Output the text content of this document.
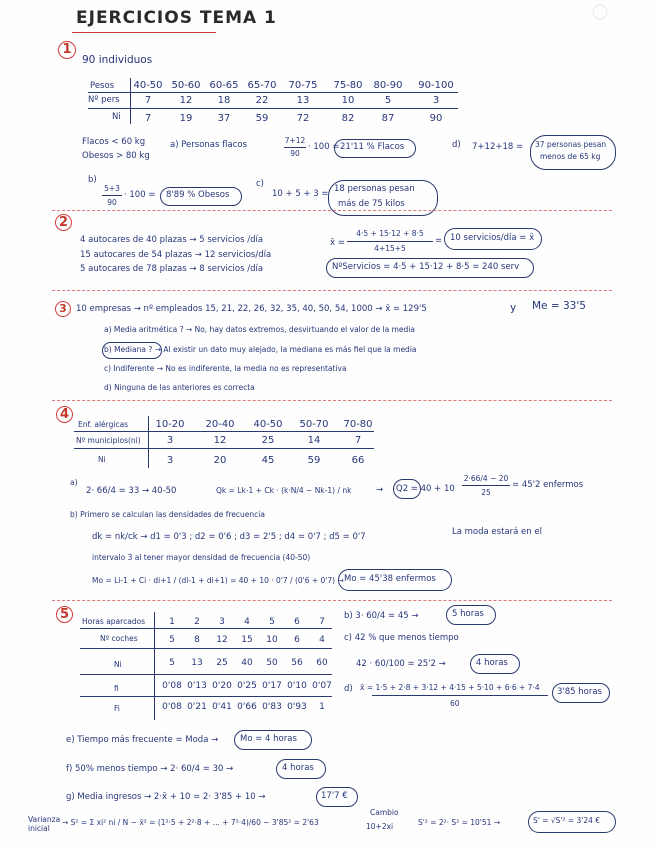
EJERCICIOS TEMA 1
1
90 individuos
Pesos
Nº pers
Ni
40-50 50-60 60-65 65-70	70-75	75-80	80-90	90-100
7	12	18	22	13	10	5	3
7	19	37	59	72	82	87	90
Flacos < 60 kg
Obesos > 80 kg
a) Personas flacos	7+12
90
· 100 = 21'11 % Flacos	d) 7+12+18 = 37 personas pesan
menos de 65 kg
b)
5+3
90
· 100 = 8'89 % Obesos
c)
10 + 5 + 3 = 18 personas pesan
más de 75 kilos
2
4 autocares de 40 plazas → 5 servicios /día
15 autocares de 54 plazas → 12 servicios/día
5 autocares de 78 plazas → 8 servicios /día
x̄ =
4·5 + 15·12 + 8·5
4+15+5
= 10 servicios/día = x̄
NºServicios = 4·5 + 15·12 + 8·5 = 240 serv
3	10 empresas → nº empleados 15, 21, 22, 26, 32, 35, 40, 50, 54, 1000 → x̄ = 129'5	y Me = 33'5
a) Media aritmética ? → No, hay datos extremos, desvirtuando el valor de la media
b) Mediana ? → Al existir un dato muy alejado, la mediana es más fiel que la media
c) Indiferente → No es indiferente, la media no es representativa
d) Ninguna de las anteriores es correcta
4
Enf. alérgicas
Nº municipios(ni)
Ni
10-20	20-40	40-50	50-70	70-80
3	12	25	14	7
3	20	45	59	66
a)
2· 66/4 = 33 → 40-50	Qk = Lk-1 + Ck · (k·N/4 − Nk-1) / nk	→ Q2 = 40 + 10
2·66/4 − 20
25
= 45'2 enfermos
b) Primero se calculan las densidades de frecuencia
dk = nk/ck → d1 = 0'3 ; d2 = 0'6 ; d3 = 2'5 ; d4 = 0'7 ; d5 = 0'7	La moda estará en el
intervalo 3 al tener mayor densidad de frecuencia (40-50)
Mo = Li-1 + Ci · di+1 / (di-1 + di+1) = 40 + 10 · 0'7 / (0'6 + 0'7) → Mo = 45'38 enfermos
5	Horas aparcados
Nº coches
Ni
fi
Fi
1	2	3	4	5	6	7
5	8	12	15	10	6	4
5	13	25	40	50	56	60
0'08 0'13 0'20 0'25 0'17 0'10 0'07
0'08 0'21 0'41 0'66 0'83 0'93	1
b) 3· 60/4 = 45 →	5 horas
c) 42 % que menos tiempo
42 · 60/100 = 25'2 →	4 horas
d) x̄ = 1·5 + 2·8 + 3·12 + 4·15 + 5·10 + 6·6 + 7·4
60
3'85 horas
e) Tiempo más frecuente = Moda →	Mo = 4 horas
f) 50% menos tiempo → 2· 60/4 = 30 →	4 horas
g) Media ingresos → 2·x̄ + 10 = 2· 3'85 + 10 →	17'7 €
Varianza inicial
→ S² = Σ xi² ni / N − x̄² = (1²·5 + 2²·8 + ... + 7²·4)/60 − 3'85² = 2'63
Cambio
10+2xi	S'² = 2²· S² = 10'51 →	S' = √S'² = 3'24 €
